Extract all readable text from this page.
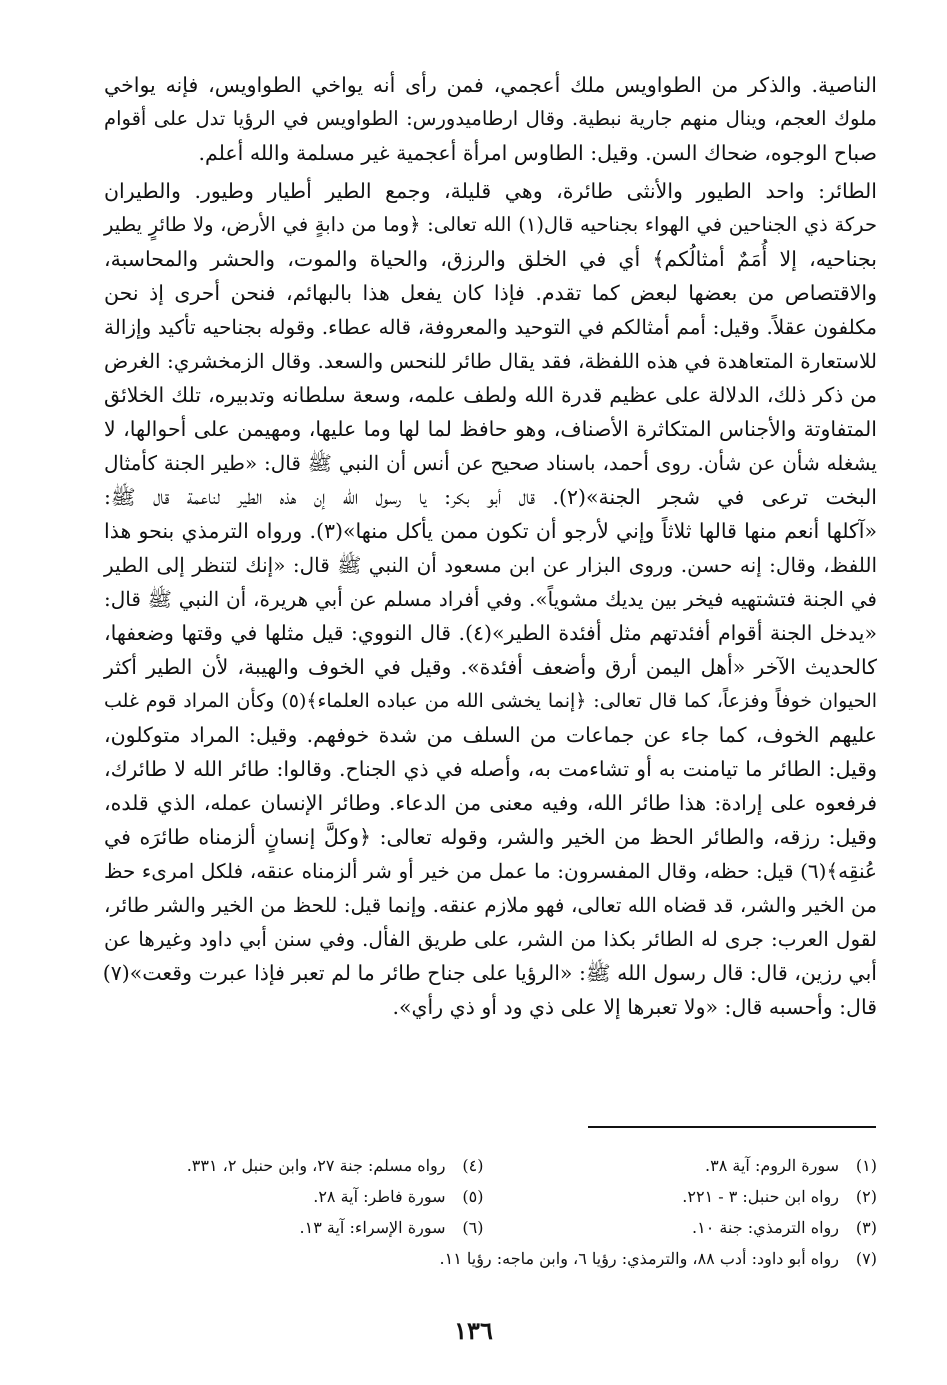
الناصية. والذكر من الطواويس ملك أعجمي، فمن رأى أنه يواخي الطواويس، فإنه يواخي
ملوك العجم، وينال منهم جارية نبطية. وقال ارطاميدورس: الطواويس في الرؤيا تدل على أقوام
صباح الوجوه، ضحاك السن. وقيل: الطاوس امرأة أعجمية غير مسلمة والله أعلم.
الطائر: واحد الطيور والأنثى طائرة، وهي قليلة، وجمع الطير أطيار وطيور. والطيران
حركة ذي الجناحين في الهواء بجناحيه قال(١) الله تعالى: ﴿وما من دابةٍ في الأرض، ولا طائرٍ يطير
بجناحيه، إلا أُمَمٌ أمثالُكم﴾ أي في الخلق والرزق، والحياة والموت، والحشر والمحاسبة،
والاقتصاص من بعضها لبعض كما تقدم. فإذا كان يفعل هذا بالبهائم، فنحن أحرى إذ نحن
مكلفون عقلاً. وقيل: أمم أمثالكم في التوحيد والمعروفة، قاله عطاء. وقوله بجناحيه تأكيد وإزالة
للاستعارة المتعاهدة في هذه اللفظة، فقد يقال طائر للنحس والسعد. وقال الزمخشري: الغرض
من ذكر ذلك، الدلالة على عظيم قدرة الله ولطف علمه، وسعة سلطانه وتدبيره، تلك الخلائق
المتفاوتة والأجناس المتكاثرة الأصناف، وهو حافظ لما لها وما عليها، ومهيمن على أحوالها، لا
يشغله شأن عن شأن. روى أحمد، باسناد صحيح عن أنس أن النبي ﷺ قال: «طير الجنة كأمثال
البخت ترعى في شجر الجنة»(٢). قال أبو بكر: يا رسول الله إن هذه الطير لناعمة قال ﷺ:
«آكلها أنعم منها قالها ثلاثاً وإني لأرجو أن تكون ممن يأكل منها»(٣). ورواه الترمذي بنحو هذا
اللفظ، وقال: إنه حسن. وروى البزار عن ابن مسعود أن النبي ﷺ قال: «إنك لتنظر إلى الطير
في الجنة فتشتهيه فيخر بين يديك مشوياً». وفي أفراد مسلم عن أبي هريرة، أن النبي ﷺ قال:
«يدخل الجنة أقوام أفئدتهم مثل أفئدة الطير»(٤). قال النووي: قيل مثلها في وقتها وضعفها،
كالحديث الآخر «أهل اليمن أرق وأضعف أفئدة». وقيل في الخوف والهيبة، لأن الطير أكثر
الحيوان خوفاً وفزعاً، كما قال تعالى: ﴿إنما يخشى الله من عباده العلماء﴾(٥) وكأن المراد قوم غلب
عليهم الخوف، كما جاء عن جماعات من السلف من شدة خوفهم. وقيل: المراد متوكلون،
وقيل: الطائر ما تيامنت به أو تشاءمت به، وأصله في ذي الجناح. وقالوا: طائر الله لا طائرك،
فرفعوه على إرادة: هذا طائر الله، وفيه معنى من الدعاء. وطائر الإنسان عمله، الذي قلده،
وقيل: رزقه، والطائر الحظ من الخير والشر، وقوله تعالى: ﴿وكلَّ إنسانٍ ألزمناه طائرَه في
عُنقِه﴾(٦) قيل: حظه، وقال المفسرون: ما عمل من خير أو شر ألزمناه عنقه، فلكل امرىء حظ
من الخير والشر، قد قضاه الله تعالى، فهو ملازم عنقه. وإنما قيل: للحظ من الخير والشر طائر،
لقول العرب: جرى له الطائر بكذا من الشر، على طريق الفأل. وفي سنن أبي داود وغيرها عن
أبي رزين، قال: قال رسول الله ﷺ: «الرؤيا على جناح طائر ما لم تعبر فإذا عبرت وقعت»(٧)
قال: وأحسبه قال: «ولا تعبرها إلا على ذي ود أو ذي رأي».
(١)
سورة الروم: آية ٣٨.
(٤)
رواه مسلم: جنة ٢٧، وابن حنبل ٢، ٣٣١.
(٢)
رواه ابن حنبل: ٣ - ٢٢١.
(٥)
سورة فاطر: آية ٢٨.
(٣)
رواه الترمذي: جنة ١٠.
(٦)
سورة الإسراء: آية ١٣.
(٧)
رواه أبو داود: أدب ٨٨، والترمذي: رؤيا ٦، وابن ماجه: رؤيا ١١.
١٣٦
